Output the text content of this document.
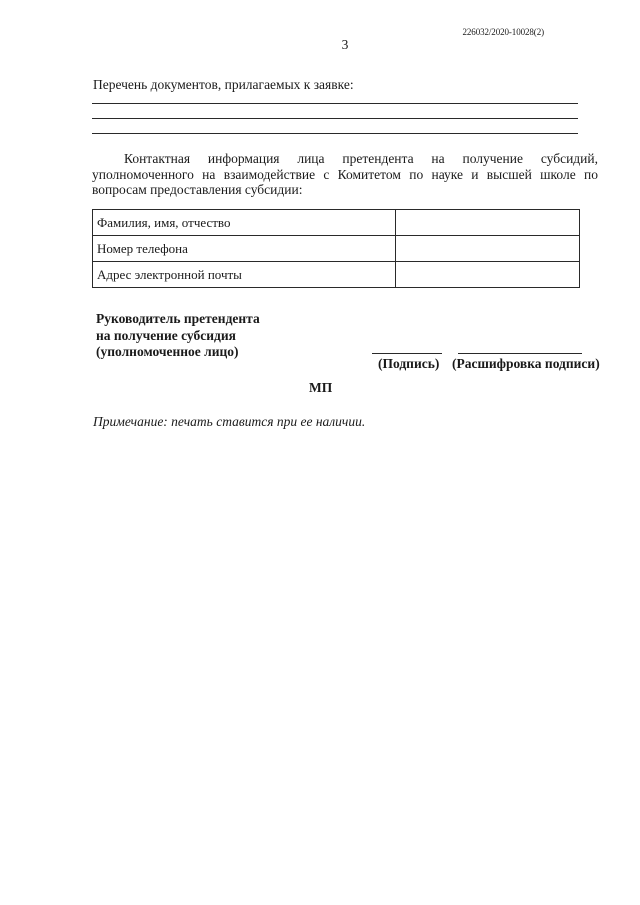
226032/2020-10028(2)
3
Перечень документов, прилагаемых к заявке:

Контактная информация лица претендента на получение субсидий, уполномоченного на взаимодействие с Комитетом по науке и высшей школе по вопросам предоставления субсидии:

Фамилия, имя, отчество	
Номер телефона	
Адрес электронной почты	
Руководитель претендента
на получение субсидия
(уполномоченное лицо)
(Подпись) (Расшифровка подписи)
МП
Примечание: печать ставится при ее наличии.
